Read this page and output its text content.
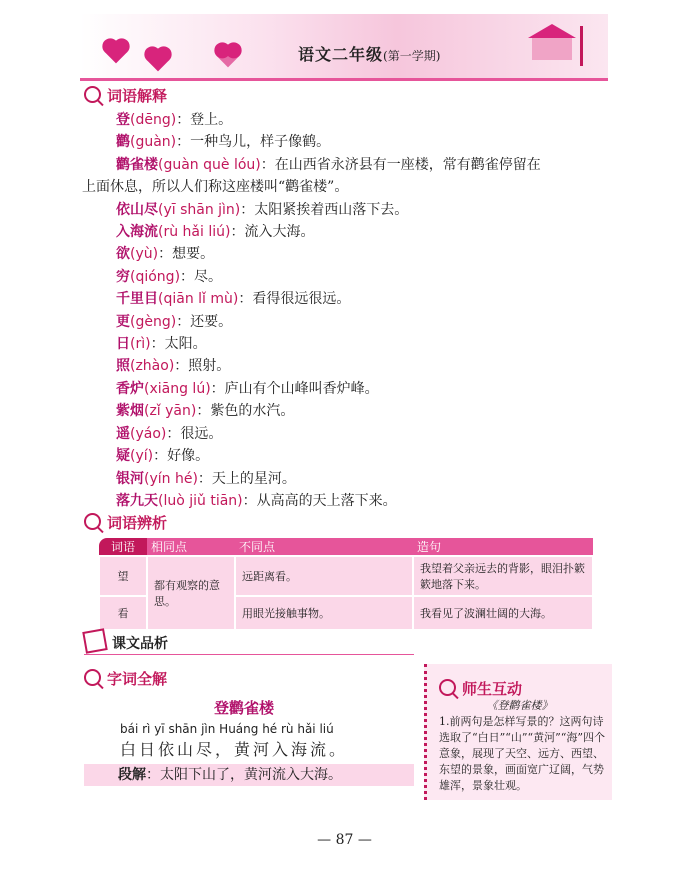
语文二年级(第一学期)
词语解释
登(dēng)：登上。
鹳(guàn)：一种鸟儿，样子像鹤。
鹳雀楼(guàn què lóu)：在山西省永济县有一座楼，常有鹳雀停留在
上面休息，所以人们称这座楼叫“鹳雀楼”。
依山尽(yī shān jìn)：太阳紧挨着西山落下去。
入海流(rù hǎi liú)：流入大海。
欲(yù)：想要。
穷(qióng)：尽。
千里目(qiān lǐ mù)：看得很远很远。
更(gèng)：还要。
日(rì)：太阳。
照(zhào)：照射。
香炉(xiāng lú)：庐山有个山峰叫香炉峰。
紫烟(zǐ yān)：紫色的水汽。
遥(yáo)：很远。
疑(yí)：好像。
银河(yín hé)：天上的星河。
落九天(luò jiǔ tiān)：从高高的天上落下来。
词语辨析
词语	相同点	不同点	造句
望	都有观察的意思。	远距离看。	我望着父亲远去的背影，眼泪扑簌簌地落下来。
看		用眼光接触事物。	我看见了波澜壮阔的大海。
课文品析
字词全解
登鹳雀楼
bái rì yī shān jìn Huáng hé rù hǎi liú
白日依山尽，黄河入海流。
段解：太阳下山了，黄河流入大海。
师生互动
《登鹳雀楼》
1.前两句是怎样写景的？这两句诗选取了“白日”“山”“黄河”“海”四个意象，展现了天空、远方、西望、东望的景象，画面宽广辽阔，气势雄浑，景象壮观。
— 87 —
